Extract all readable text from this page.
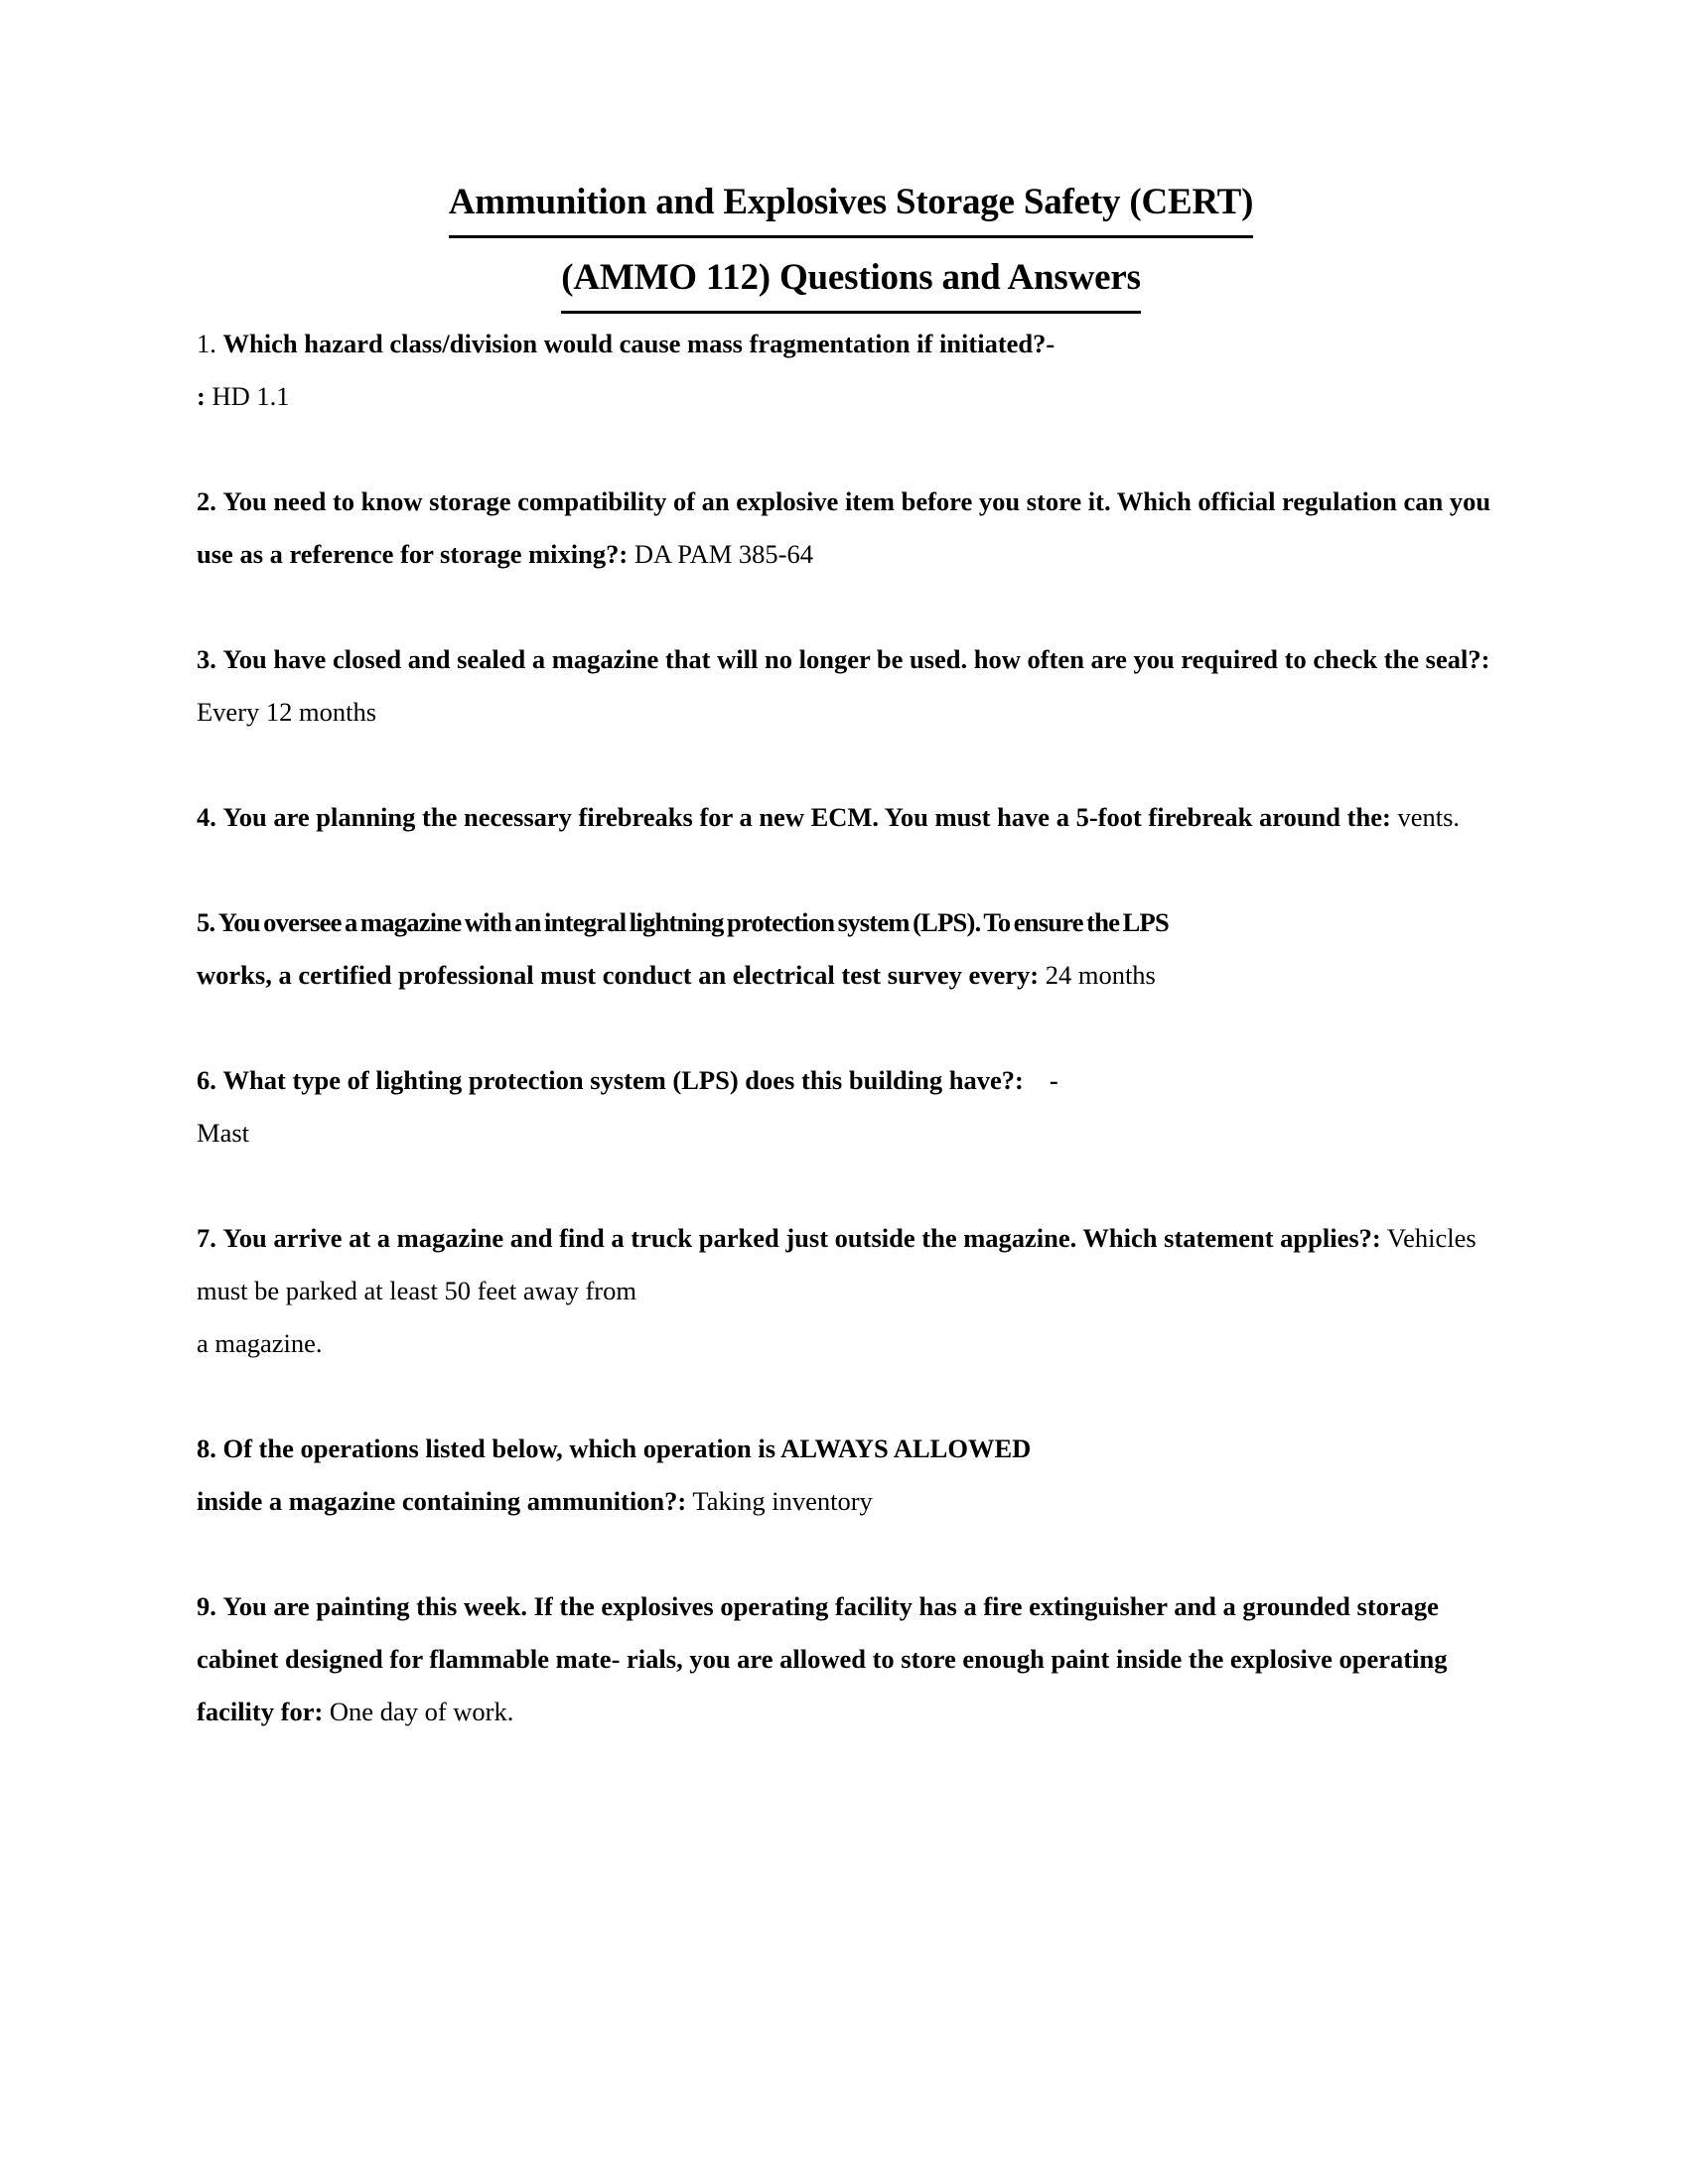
Ammunition and Explosives Storage Safety (CERT)
(AMMO 112) Questions and Answers

1. Which hazard class/division would cause mass fragmentation if initiated?-
: HD 1.1

2. You need to know storage compatibility of an explosive item before you store it. Which official regulation can you use as a reference for storage mixing?: DA PAM 385-64

3. You have closed and sealed a magazine that will no longer be used. how often are you required to check the seal?: Every 12 months

4. You are planning the necessary firebreaks for a new ECM. You must have a 5-foot firebreak around the: vents.

5. You oversee a magazine with an integral lightning protection system (LPS). To ensure the LPS
works, a certified professional must conduct an electrical test survey every: 24 months

6. What type of lighting protection system (LPS) does this building have?: -
Mast

7. You arrive at a magazine and find a truck parked just outside the magazine. Which statement applies?: Vehicles must be parked at least 50 feet away from
a magazine.

8. Of the operations listed below, which operation is ALWAYS ALLOWED
inside a magazine containing ammunition?: Taking inventory

9. You are painting this week. If the explosives operating facility has a fire extinguisher and a grounded storage cabinet designed for flammable mate- rials, you are allowed to store enough paint inside the explosive operating facility for: One day of work.
